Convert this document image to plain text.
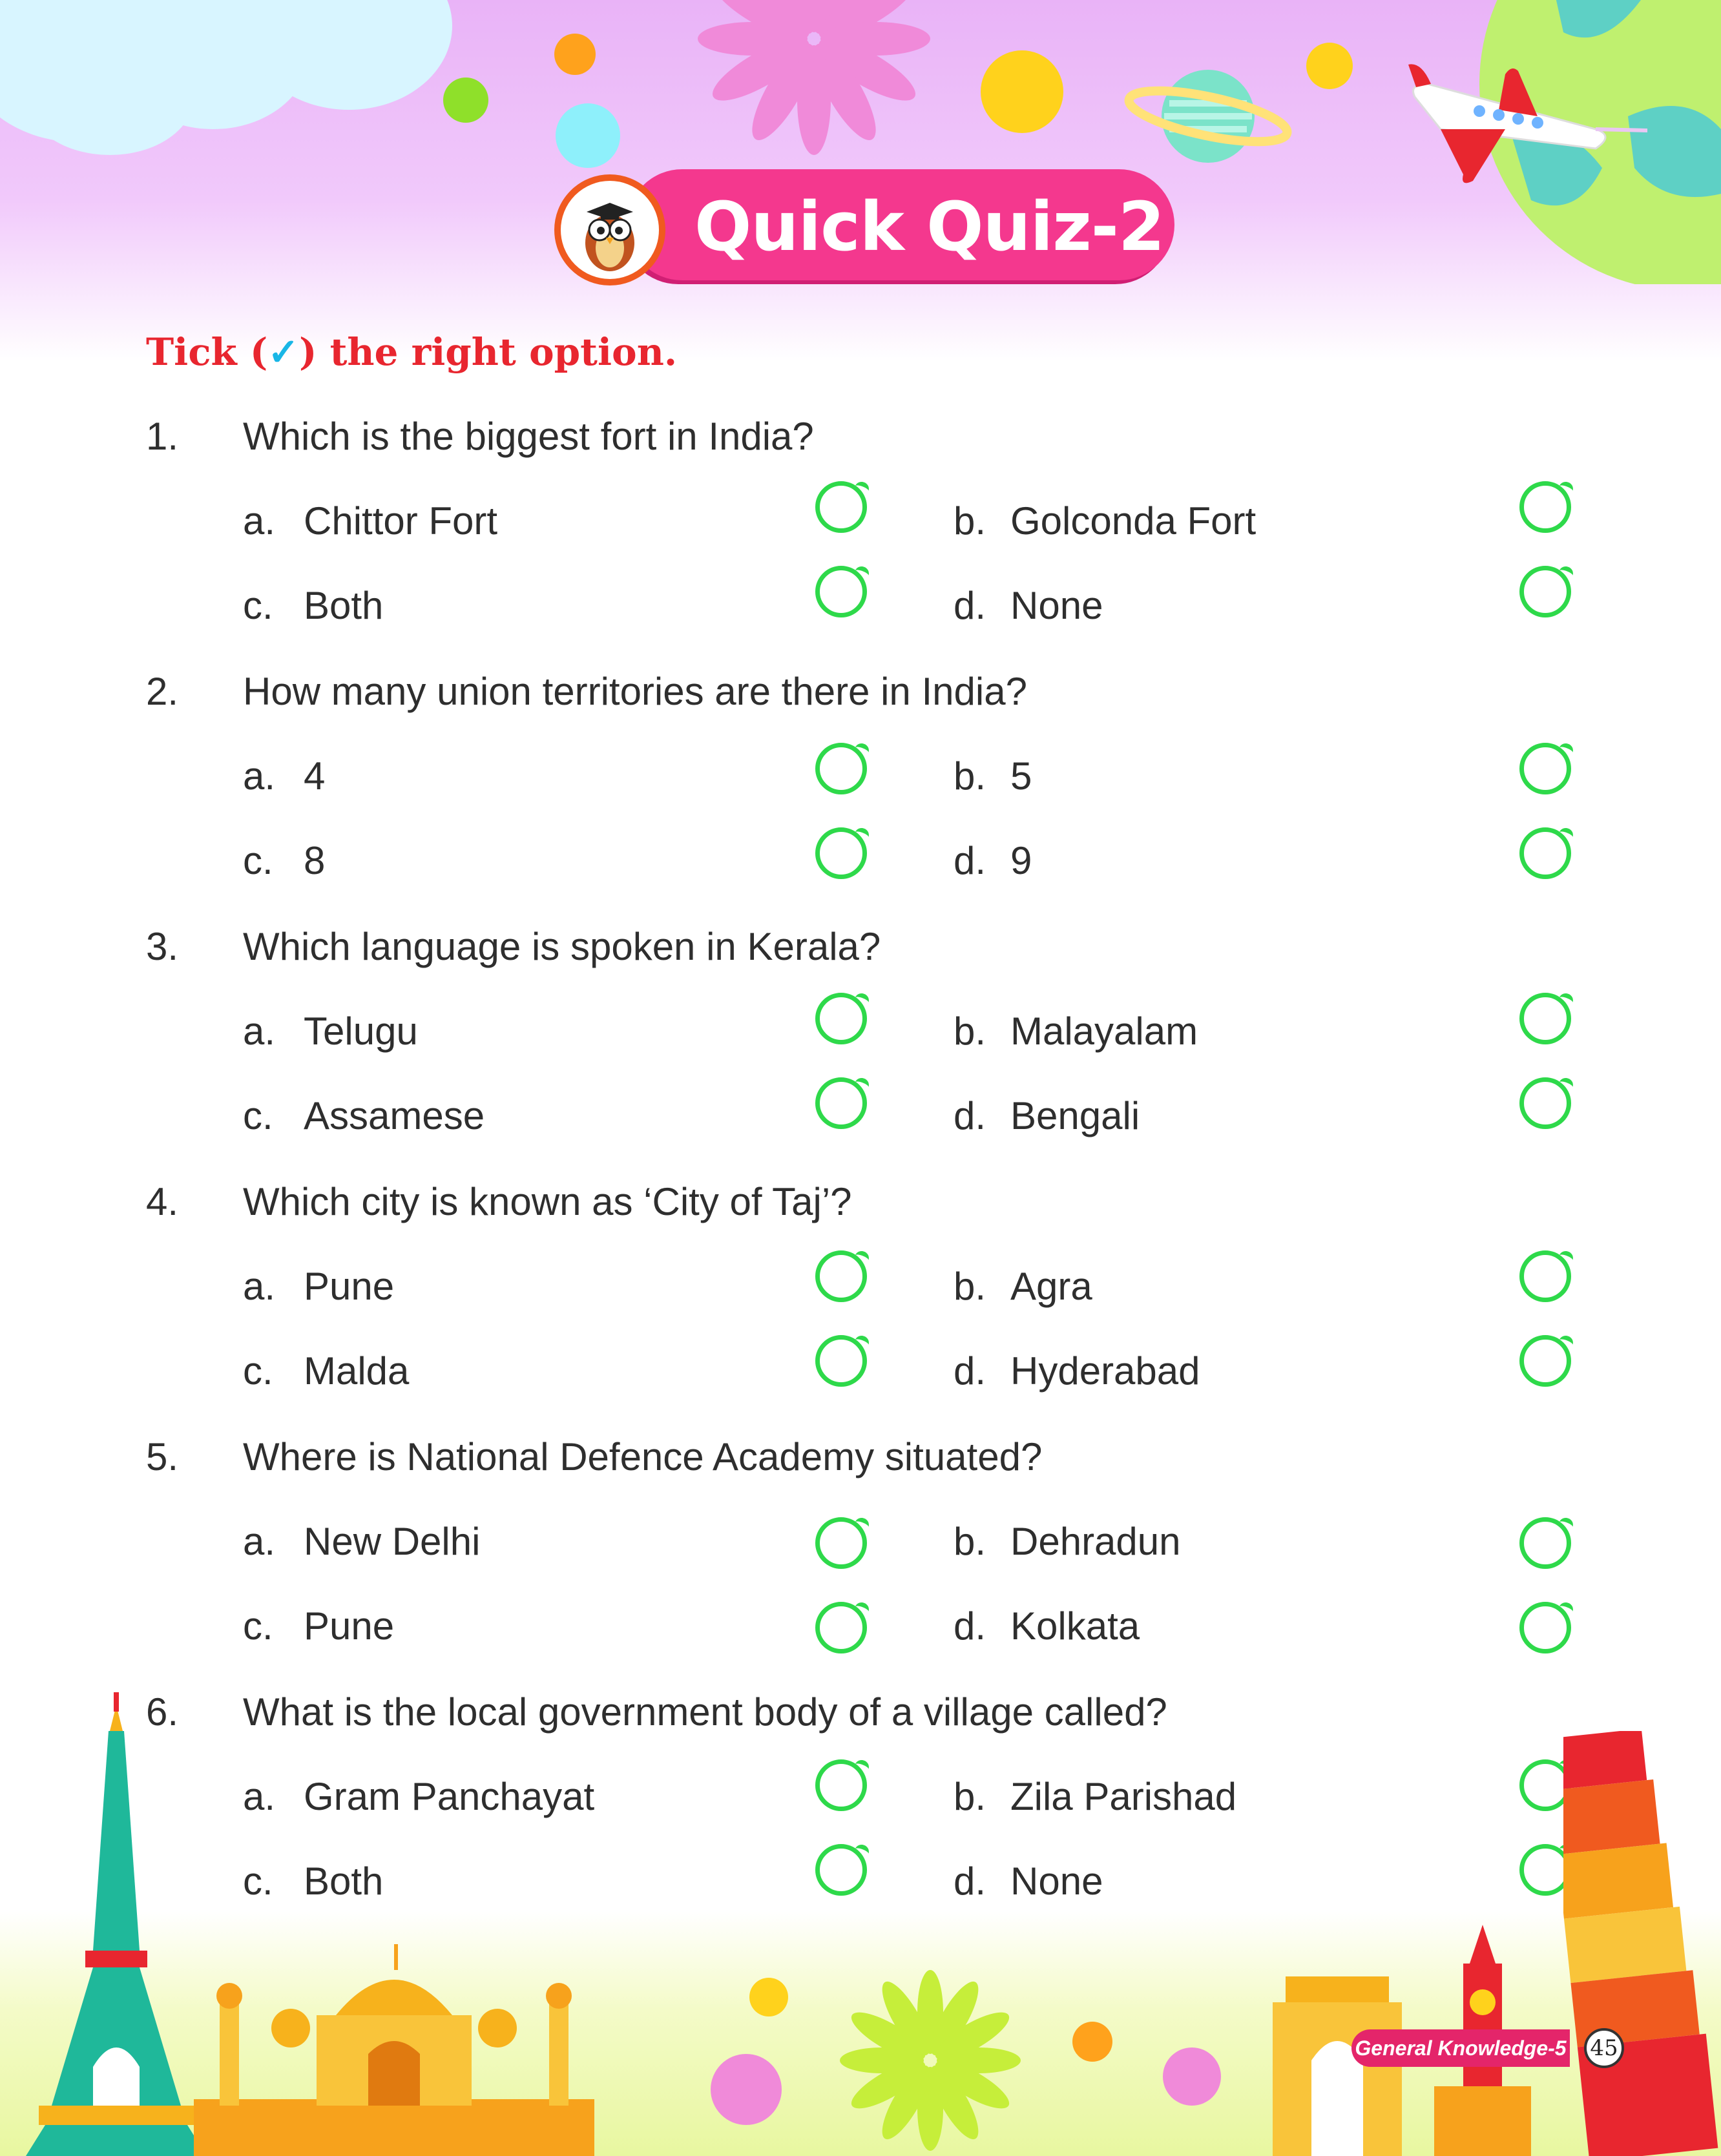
Quick Quiz-2
Tick (✓) the right option.
1. Which is the biggest fort in India?
a. Chittor Fort	b. Golconda Fort
c. Both	d. None
2. How many union territories are there in India?
a. 4	b. 5
c. 8	d. 9
3. Which language is spoken in Kerala?
a. Telugu	b. Malayalam
c. Assamese	d. Bengali
4. Which city is known as ‘City of Taj’?
a. Pune	b. Agra
c. Malda	d. Hyderabad
5. Where is National Defence Academy situated?
a. New Delhi	b. Dehradun
c. Pune	d. Kolkata
6. What is the local government body of a village called?
a. Gram Panchayat	b. Zila Parishad
c. Both	d. None
General Knowledge-5 45
